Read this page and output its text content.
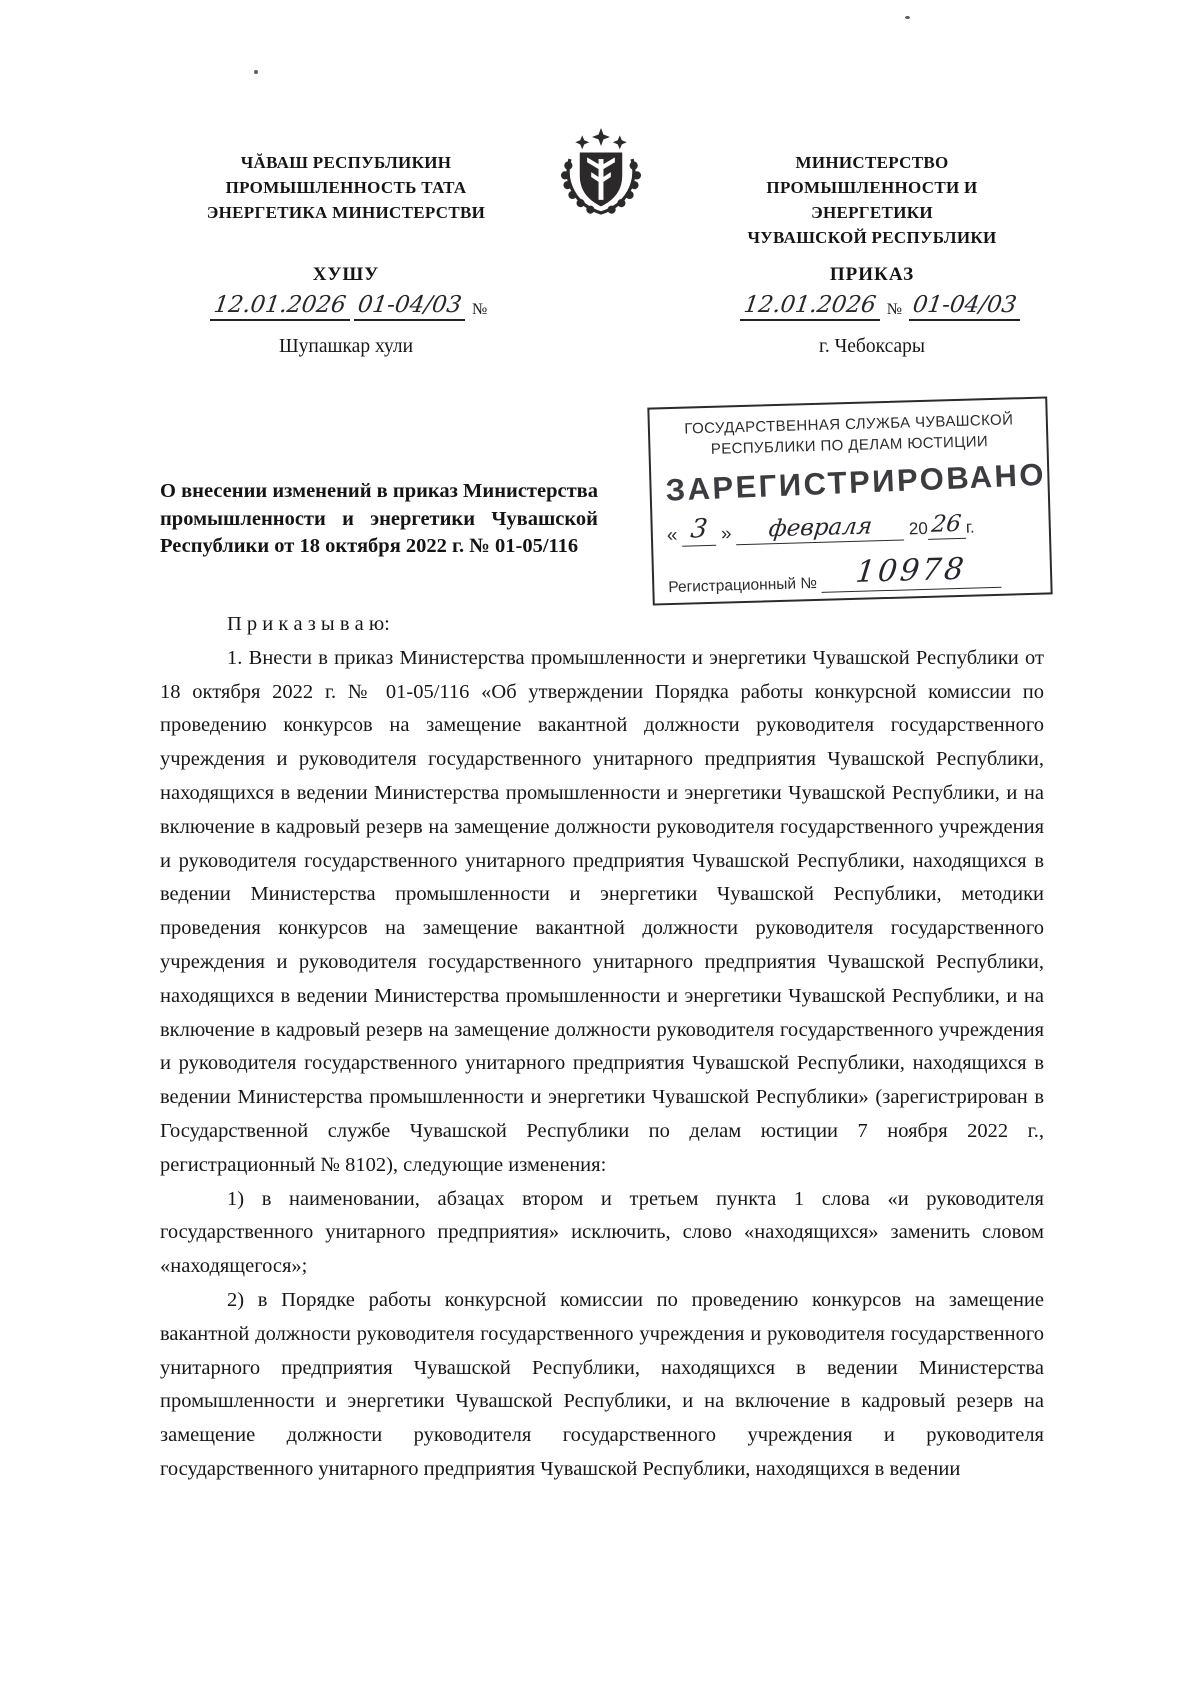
ЧĂВАШ РЕСПУБЛИКИН
ПРОМЫШЛЕННОСТЬ ТАТА
ЭНЕРГЕТИКА МИНИСТЕРСТВИ
МИНИСТЕРСТВО
ПРОМЫШЛЕННОСТИ И
ЭНЕРГЕТИКИ
ЧУВАШСКОЙ РЕСПУБЛИКИ
ХУШУ	ПРИКАЗ
12.01.2026 01-04/03 №	12.01.2026 № 01-04/03
Шупашкар хули	г. Чебоксары
ГОСУДАРСТВЕННАЯ СЛУЖБА ЧУВАШСКОЙ
РЕСПУБЛИКИ ПО ДЕЛАМ ЮСТИЦИИ
ЗАРЕГИСТРИРОВАНО
« 3 » февраля 20 26 г.
Регистрационный № 10978
О внесении изменений в приказ Министерства промышленности и энергетики Чувашской Республики от 18 октября 2022 г. № 01-05/116

П р и к а з ы в а ю:

1. Внести в приказ Министерства промышленности и энергетики Чувашской Республики от 18 октября 2022 г. № 01-05/116 «Об утверждении Порядка работы конкурсной комиссии по проведению конкурсов на замещение вакантной должности руководителя государственного учреждения и руководителя государственного унитарного предприятия Чувашской Республики, находящихся в ведении Министерства промышленности и энергетики Чувашской Республики, и на включение в кадровый резерв на замещение должности руководителя государственного учреждения и руководителя государственного унитарного предприятия Чувашской Республики, находящихся в ведении Министерства промышленности и энергетики Чувашской Республики, методики проведения конкурсов на замещение вакантной должности руководителя государственного учреждения и руководителя государственного унитарного предприятия Чувашской Республики, находящихся в ведении Министерства промышленности и энергетики Чувашской Республики, и на включение в кадровый резерв на замещение должности руководителя государственного учреждения и руководителя государственного унитарного предприятия Чувашской Республики, находящихся в ведении Министерства промышленности и энергетики Чувашской Республики» (зарегистрирован в Государственной службе Чувашской Республики по делам юстиции 7 ноября 2022 г., регистрационный № 8102), следующие изменения:

1) в наименовании, абзацах втором и третьем пункта 1 слова «и руководителя государственного унитарного предприятия» исключить, слово «находящихся» заменить словом «находящегося»;

2) в Порядке работы конкурсной комиссии по проведению конкурсов на замещение вакантной должности руководителя государственного учреждения и руководителя государственного унитарного предприятия Чувашской Республики, находящихся в ведении Министерства промышленности и энергетики Чувашской Республики, и на включение в кадровый резерв на замещение должности руководителя государственного учреждения и руководителя государственного унитарного предприятия Чувашской Республики, находящихся в ведении
